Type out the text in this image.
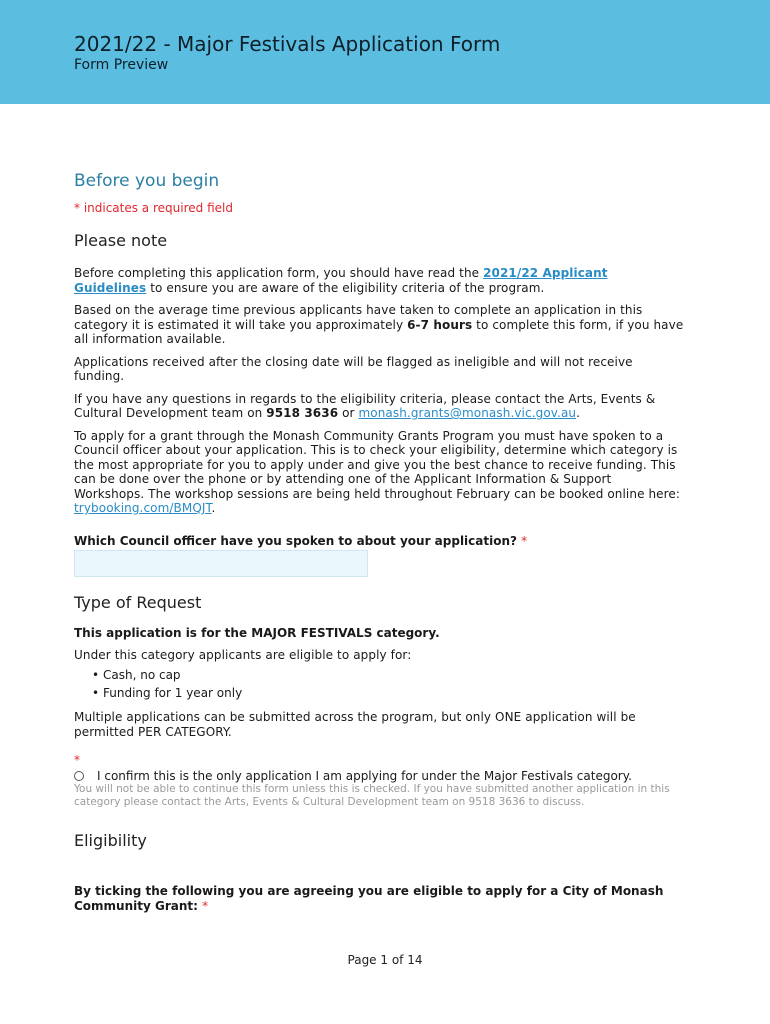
2021/22 - Major Festivals Application Form
Form Preview
Before you begin
* indicates a required field
Please note

Before completing this application form, you should have read the 2021/22 Applicant Guidelines to ensure you are aware of the eligibility criteria of the program.

Based on the average time previous applicants have taken to complete an application in this category it is estimated it will take you approximately 6-7 hours to complete this form, if you have all information available.

Applications received after the closing date will be flagged as ineligible and will not receive funding.

If you have any questions in regards to the eligibility criteria, please contact the Arts, Events & Cultural Development team on 9518 3636 or monash.grants@monash.vic.gov.au.

To apply for a grant through the Monash Community Grants Program you must have spoken to a Council officer about your application. This is to check your eligibility, determine which category is the most appropriate for you to apply under and give you the best chance to receive funding. This can be done over the phone or by attending one of the Applicant Information & Support Workshops. The workshop sessions are being held throughout February can be booked online here: trybooking.com/BMQJT.

Which Council officer have you spoken to about your application? *
Type of Request
This application is for the MAJOR FESTIVALS category.

Under this category applicants are eligible to apply for:

• Cash, no cap
• Funding for 1 year only

Multiple applications can be submitted across the program, but only ONE application will be permitted PER CATEGORY.

*
I confirm this is the only application I am applying for under the Major Festivals category.
You will not be able to continue this form unless this is checked. If you have submitted another application in this category please contact the Arts, Events & Cultural Development team on 9518 3636 to discuss.
Eligibility
By ticking the following you are agreeing you are eligible to apply for a City of Monash Community Grant: *
Page 1 of 14
